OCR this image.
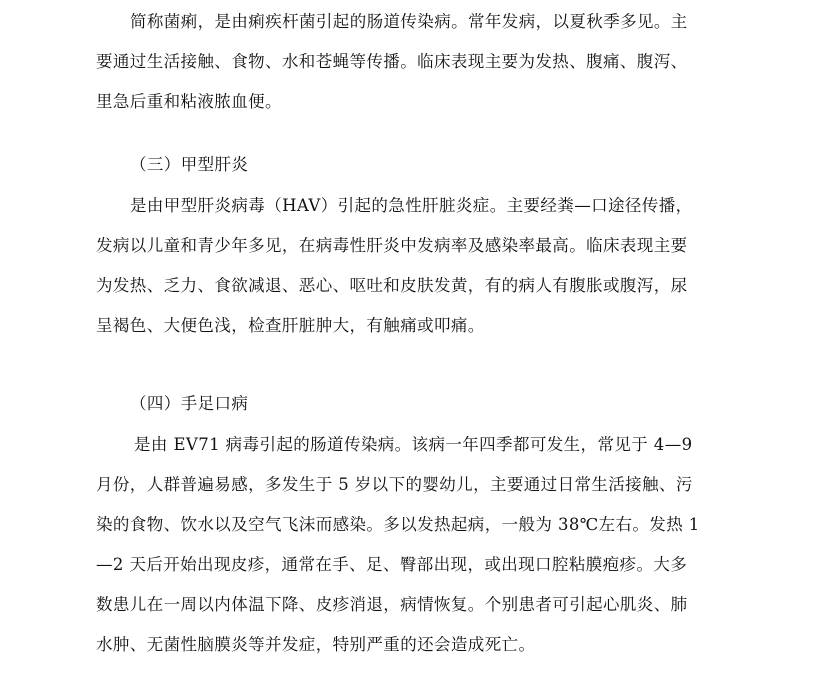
简称菌痢，是由痢疾杆菌引起的肠道传染病。常年发病，以夏秋季多见。主
要通过生活接触、食物、水和苍蝇等传播。临床表现主要为发热、腹痛、腹泻、
里急后重和粘液脓血便。
（三）甲型肝炎
是由甲型肝炎病毒（HAV）引起的急性肝脏炎症。主要经粪—口途径传播，
发病以儿童和青少年多见，在病毒性肝炎中发病率及感染率最高。临床表现主要
为发热、乏力、食欲减退、恶心、呕吐和皮肤发黄，有的病人有腹胀或腹泻，尿
呈褐色、大便色浅，检查肝脏肿大，有触痛或叩痛。
（四）手足口病
是由 EV71 病毒引起的肠道传染病。该病一年四季都可发生，常见于 4—9
月份，人群普遍易感，多发生于 5 岁以下的婴幼儿，主要通过日常生活接触、污
染的食物、饮水以及空气飞沫而感染。多以发热起病，一般为 38℃左右。发热 1
—2 天后开始出现皮疹，通常在手、足、臀部出现，或出现口腔粘膜疱疹。大多
数患儿在一周以内体温下降、皮疹消退，病情恢复。个别患者可引起心肌炎、肺
水肿、无菌性脑膜炎等并发症，特别严重的还会造成死亡。
